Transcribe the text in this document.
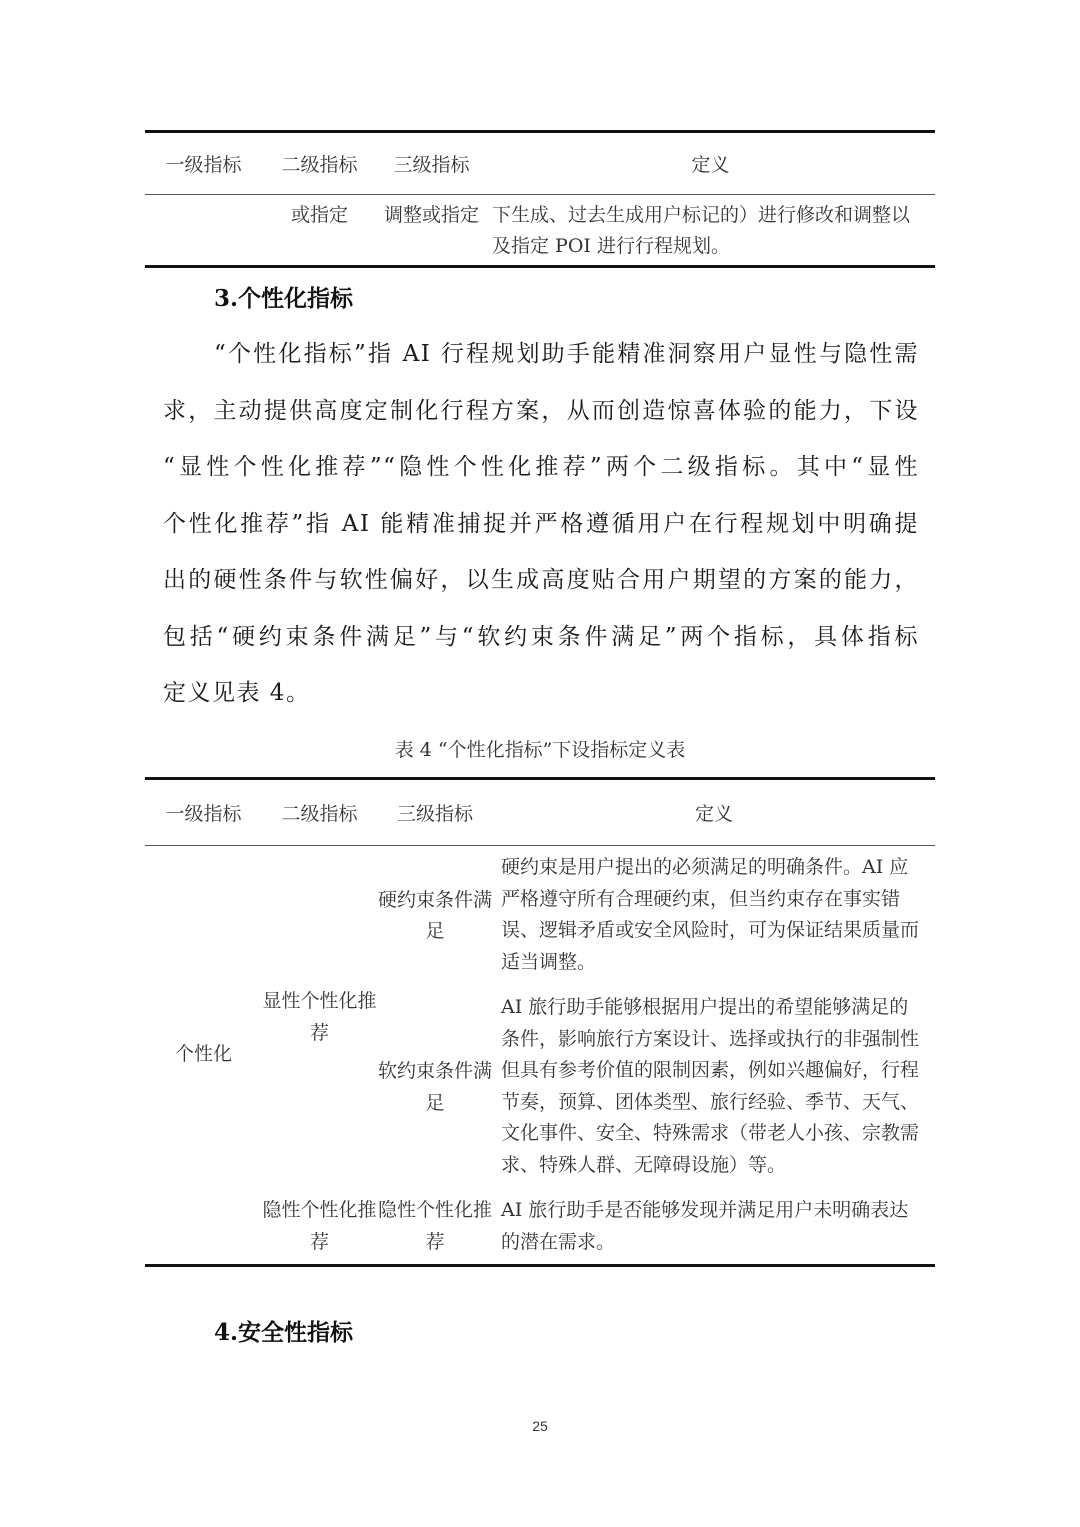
一级指标	二级指标	三级指标	定义
	或指定	调整或指定	下生成、过去生成用户标记的）进行修改和调整以及指定 POI 进行行程规划。
3.个性化指标
“个性化指标”指 AI 行程规划助手能精准洞察用户显性与隐性需
求，主动提供高度定制化行程方案，从而创造惊喜体验的能力，下设
“显性个性化推荐”“隐性个性化推荐”两个二级指标。其中“显性
个性化推荐”指 AI 能精准捕捉并严格遵循用户在行程规划中明确提
出的硬性条件与软性偏好，以生成高度贴合用户期望的方案的能力，
包括“硬约束条件满足”与“软约束条件满足”两个指标，具体指标
定义见表 4。
表 4 “个性化指标”下设指标定义表
一级指标	二级指标	三级指标	定义
个性化	显性个性化推荐	硬约束条件满足	硬约束是用户提出的必须满足的明确条件。AI 应严格遵守所有合理硬约束，但当约束存在事实错误、逻辑矛盾或安全风险时，可为保证结果质量而适当调整。
		软约束条件满足	AI 旅行助手能够根据用户提出的希望能够满足的条件，影响旅行方案设计、选择或执行的非强制性但具有参考价值的限制因素，例如兴趣偏好，行程节奏，预算、团体类型、旅行经验、季节、天气、文化事件、安全、特殊需求（带老人小孩、宗教需求、特殊人群、无障碍设施）等。
	隐性个性化推荐	隐性个性化推荐	AI 旅行助手是否能够发现并满足用户未明确表达的潜在需求。
4.安全性指标
25
